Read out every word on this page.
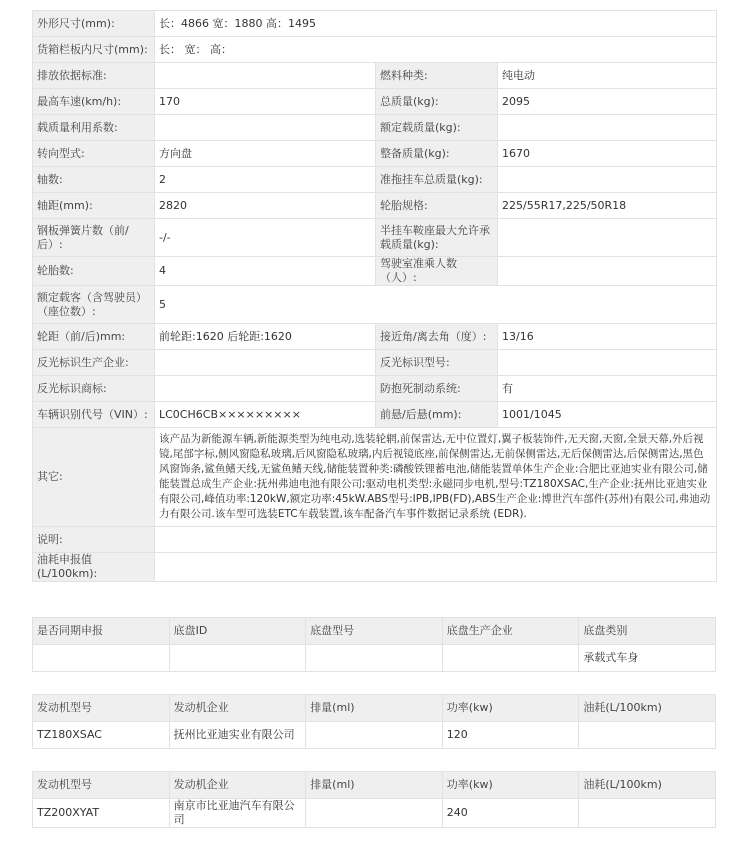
外形尺寸(mm):	长：4866 宽：1880 高：1495		
货箱栏板内尺寸(mm):	长： 宽： 高：		
排放依据标准:		燃料种类:	纯电动
最高车速(km/h):	170	总质量(kg):	2095
载质量利用系数:		额定载质量(kg):	
转向型式:	方向盘	整备质量(kg):	1670
轴数:	2	准拖挂车总质量(kg):	
轴距(mm):	2820	轮胎规格:	225/55R17,225/50R18
钢板弹簧片数（前/后）:	-/-	半挂车鞍座最大允许承载质量(kg):	
轮胎数:	4	驾驶室准乘人数（人）:	
额定载客（含驾驶员）（座位数）:	5		
轮距（前/后)mm:	前轮距:1620 后轮距:1620	接近角/离去角（度）:	13/16
反光标识生产企业:		反光标识型号:	
反光标识商标:		防抱死制动系统:	有
车辆识别代号（VIN）:	LC0CH6CB×××××××××	前悬/后悬(mm):	1001/1045
其它:	该产品为新能源车辆,新能源类型为纯电动,选装轮辋,前保雷达,无中位置灯,翼子板装饰件,无天窗,天窗,全景天幕,外后视镜,尾部字标,侧风窗隐私玻璃,后风窗隐私玻璃,内后视镜底座,前保侧雷达,无前保侧雷达,无后保侧雷达,后保侧雷达,黑色风窗饰条,鲨鱼鳍天线,无鲨鱼鳍天线,储能装置种类:磷酸铁锂蓄电池,储能装置单体生产企业:合肥比亚迪实业有限公司,储能装置总成生产企业:抚州弗迪电池有限公司;驱动电机类型:永磁同步电机,型号:TZ180XSAC,生产企业:抚州比亚迪实业有限公司,峰值功率:120kW,额定功率:45kW.ABS型号:IPB,IPB(FD),ABS生产企业:博世汽车部件(苏州)有限公司,弗迪动力有限公司.该车型可选装ETC车载装置,该车配备汽车事件数据记录系统 (EDR).		
说明:			
油耗申报值(L/100km):			
是否同期申报	底盘ID	底盘型号	底盘生产企业	底盘类别
				承载式车身
发动机型号	发动机企业	排量(ml)	功率(kw)	油耗(L/100km)
TZ180XSAC	抚州比亚迪实业有限公司		120	
发动机型号	发动机企业	排量(ml)	功率(kw)	油耗(L/100km)
TZ200XYAT	南京市比亚迪汽车有限公司		240	
